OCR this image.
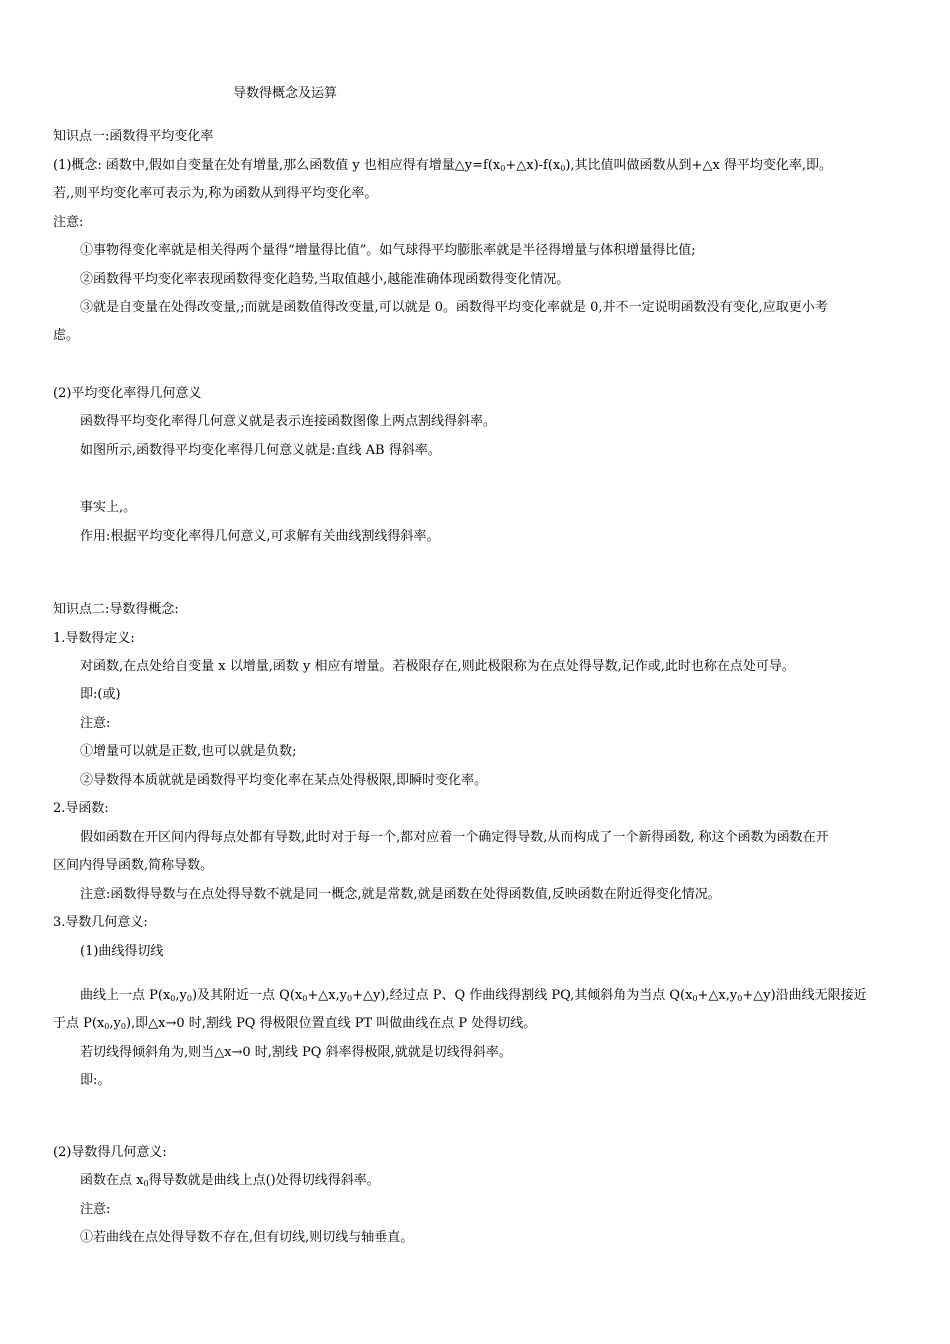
导数得概念及运算
知识点一:函数得平均变化率
(1)概念: 函数中,假如自变量在处有增量,那么函数值 y 也相应得有增量$\triangle y=f(x_0+\triangle x)-f(x_0)$,其比值叫做函数从到+△x 得平均变化率,即。
若,,则平均变化率可表示为,称为函数从到得平均变化率。
注意:
①事物得变化率就是相关得两个量得“增量得比值”。如气球得平均膨胀率就是半径得增量与体积增量得比值;
②函数得平均变化率表现函数得变化趋势,当取值越小,越能准确体现函数得变化情况。
③就是自变量在处得改变量,;而就是函数值得改变量,可以就是 0。函数得平均变化率就是 0,并不一定说明函数没有变化,应取更小考
虑。
(2)平均变化率得几何意义
函数得平均变化率得几何意义就是表示连接函数图像上两点割线得斜率。
如图所示,函数得平均变化率得几何意义就是:直线 AB 得斜率。
事实上,。
作用:根据平均变化率得几何意义,可求解有关曲线割线得斜率。
知识点二:导数得概念:
1.导数得定义:
对函数,在点处给自变量 x 以增量,函数 y 相应有增量。若极限存在,则此极限称为在点处得导数,记作或,此时也称在点处可导。
即:(或)
注意:
①增量可以就是正数,也可以就是负数;
②导数得本质就就是函数得平均变化率在某点处得极限,即瞬时变化率。
2.导函数:
假如函数在开区间内得每点处都有导数,此时对于每一个,都对应着一个确定得导数,从而构成了一个新得函数, 称这个函数为函数在开
区间内得导函数,简称导数。
注意:函数得导数与在点处得导数不就是同一概念,就是常数,就是函数在处得函数值,反映函数在附近得变化情况。
3.导数几何意义:
(1)曲线得切线
曲线上一点 $P(x_0,y_0)$及其附近一点 $Q(x_0+\triangle x,y_0+\triangle y)$,经过点 P、Q 作曲线得割线 PQ,其倾斜角为当点 $Q(x_0+\triangle x,y_0+\triangle y)$沿曲线无限接近
于点 $P(x_0,y_0)$,即△x→0 时,割线 PQ 得极限位置直线 PT 叫做曲线在点 P 处得切线。
若切线得倾斜角为,则当△x→0 时,割线 PQ 斜率得极限,就就是切线得斜率。
即:。
(2)导数得几何意义:
函数在点 $x_0$得导数就是曲线上点()处得切线得斜率。
注意:
①若曲线在点处得导数不存在,但有切线,则切线与轴垂直。
